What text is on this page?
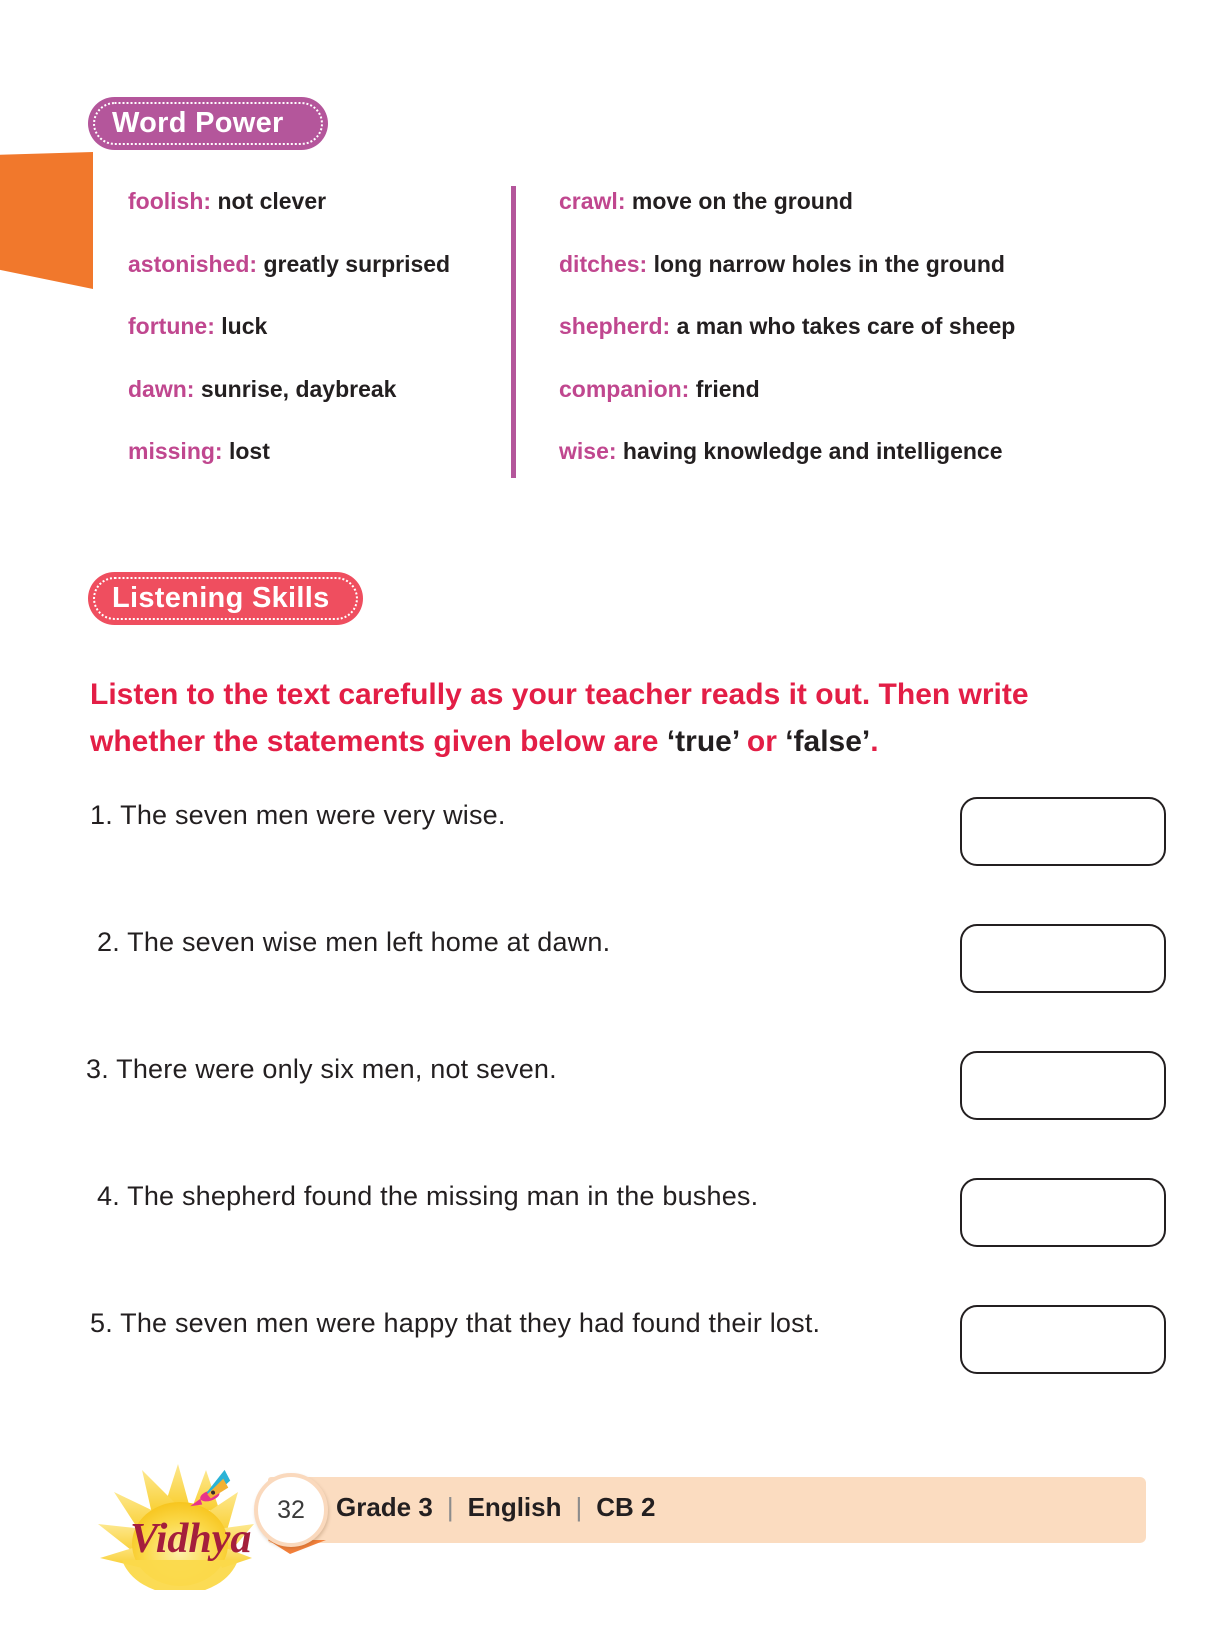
Word Power
foolish: not clever
astonished: greatly surprised
fortune: luck
dawn: sunrise, daybreak
missing: lost
crawl: move on the ground
ditches: long narrow holes in the ground
shepherd: a man who takes care of sheep
companion: friend
wise: having knowledge and intelligence
Listening Skills
Listen to the text carefully as your teacher reads it out. Then write whether the statements given below are ‘true’ or ‘false’.
1. The seven men were very wise.
2. The seven wise men left home at dawn.
3. There were only six men, not seven.
4. The shepherd found the missing man in the bushes.
5. The seven men were happy that they had found their lost.
Vidhya
32 Grade 3 | English | CB 2
